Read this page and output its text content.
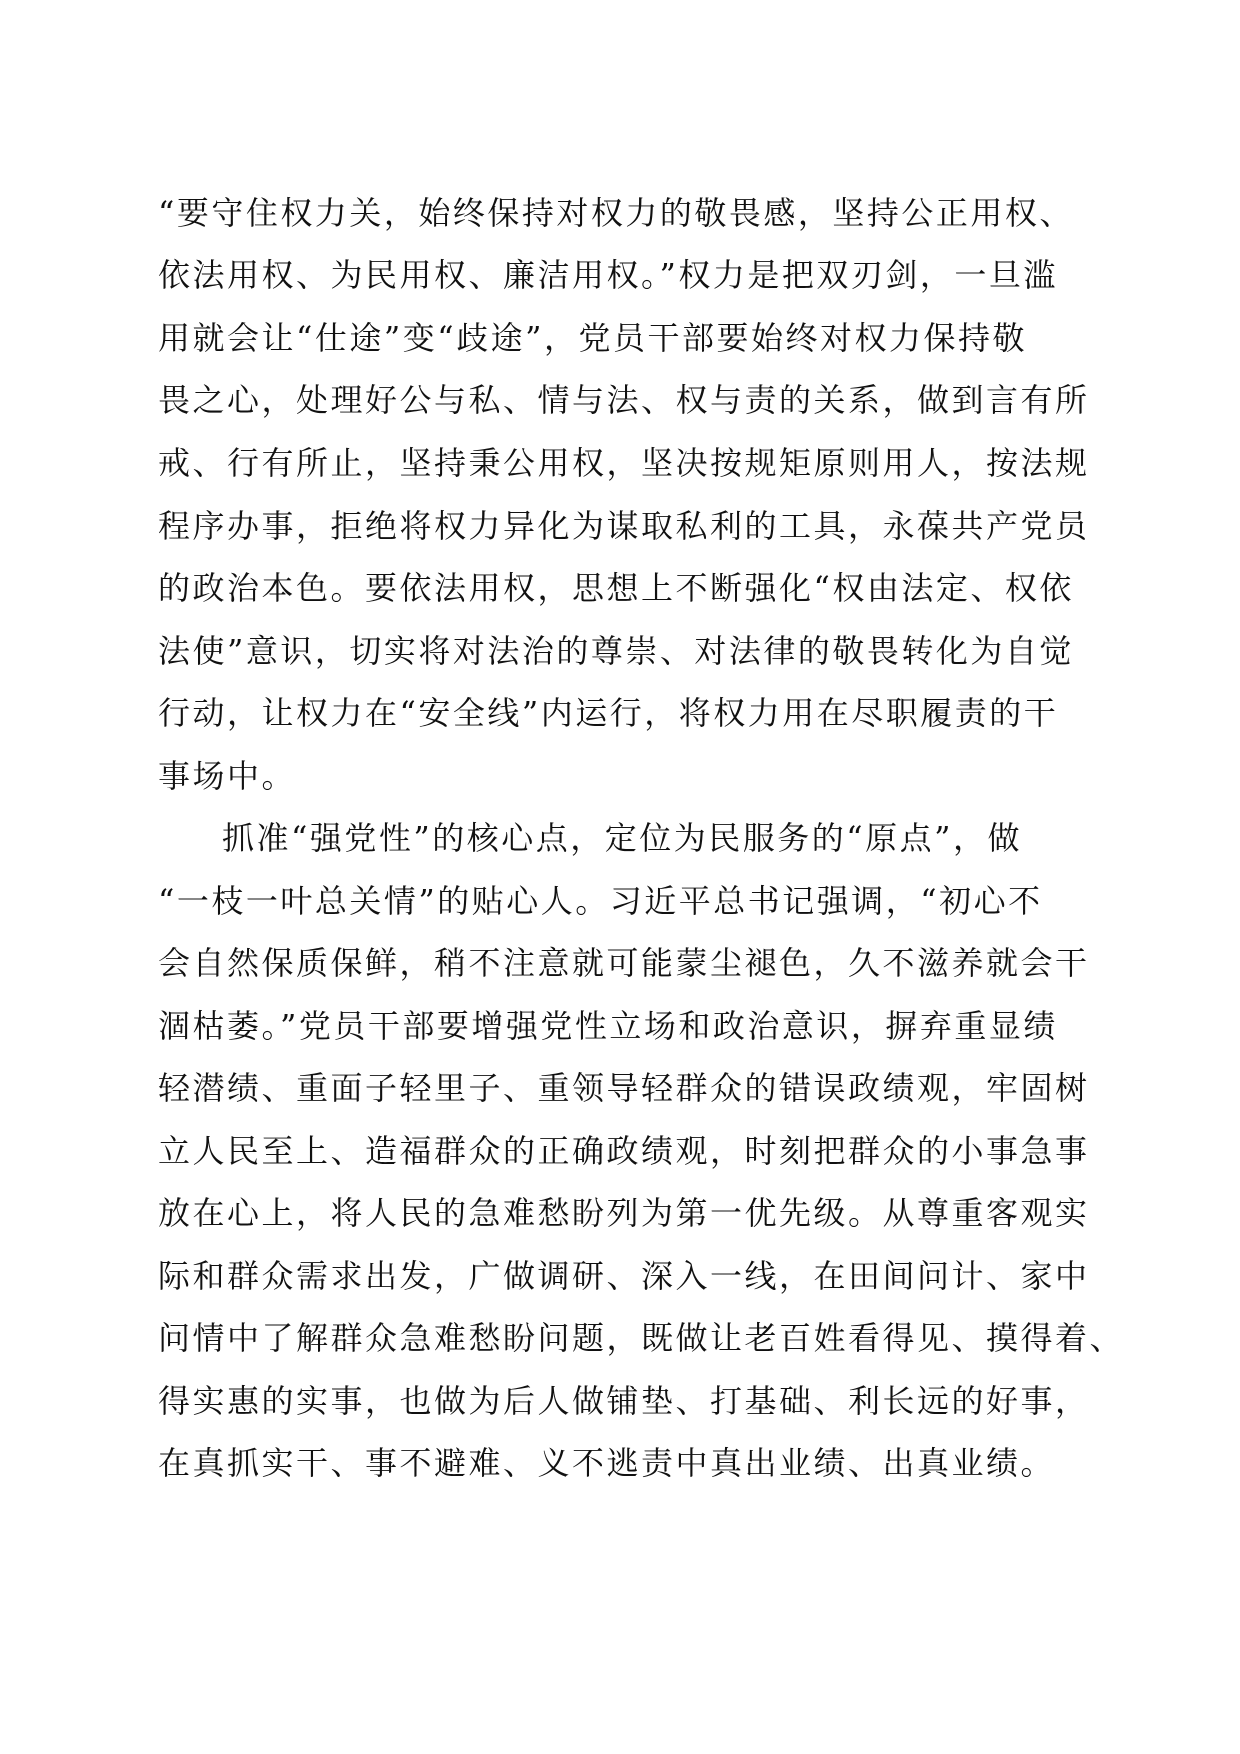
“要守住权力关，始终保持对权力的敬畏感，坚持公正用权、

依法用权、为民用权、廉洁用权。”权力是把双刃剑，一旦滥

用就会让“仕途”变“歧途”，党员干部要始终对权力保持敬

畏之心，处理好公与私、情与法、权与责的关系，做到言有所

戒、行有所止，坚持秉公用权，坚决按规矩原则用人，按法规

程序办事，拒绝将权力异化为谋取私利的工具，永葆共产党员

的政治本色。要依法用权，思想上不断强化“权由法定、权依

法使”意识，切实将对法治的尊崇、对法律的敬畏转化为自觉

行动，让权力在“安全线”内运行，将权力用在尽职履责的干

事场中。

抓准“强党性”的核心点，定位为民服务的“原点”，做

“一枝一叶总关情”的贴心人。习近平总书记强调，“初心不

会自然保质保鲜，稍不注意就可能蒙尘褪色，久不滋养就会干

涸枯萎。”党员干部要增强党性立场和政治意识，摒弃重显绩

轻潜绩、重面子轻里子、重领导轻群众的错误政绩观，牢固树

立人民至上、造福群众的正确政绩观，时刻把群众的小事急事

放在心上，将人民的急难愁盼列为第一优先级。从尊重客观实

际和群众需求出发，广做调研、深入一线，在田间问计、家中

问情中了解群众急难愁盼问题，既做让老百姓看得见、摸得着、

得实惠的实事，也做为后人做铺垫、打基础、利长远的好事，

在真抓实干、事不避难、义不逃责中真出业绩、出真业绩。
